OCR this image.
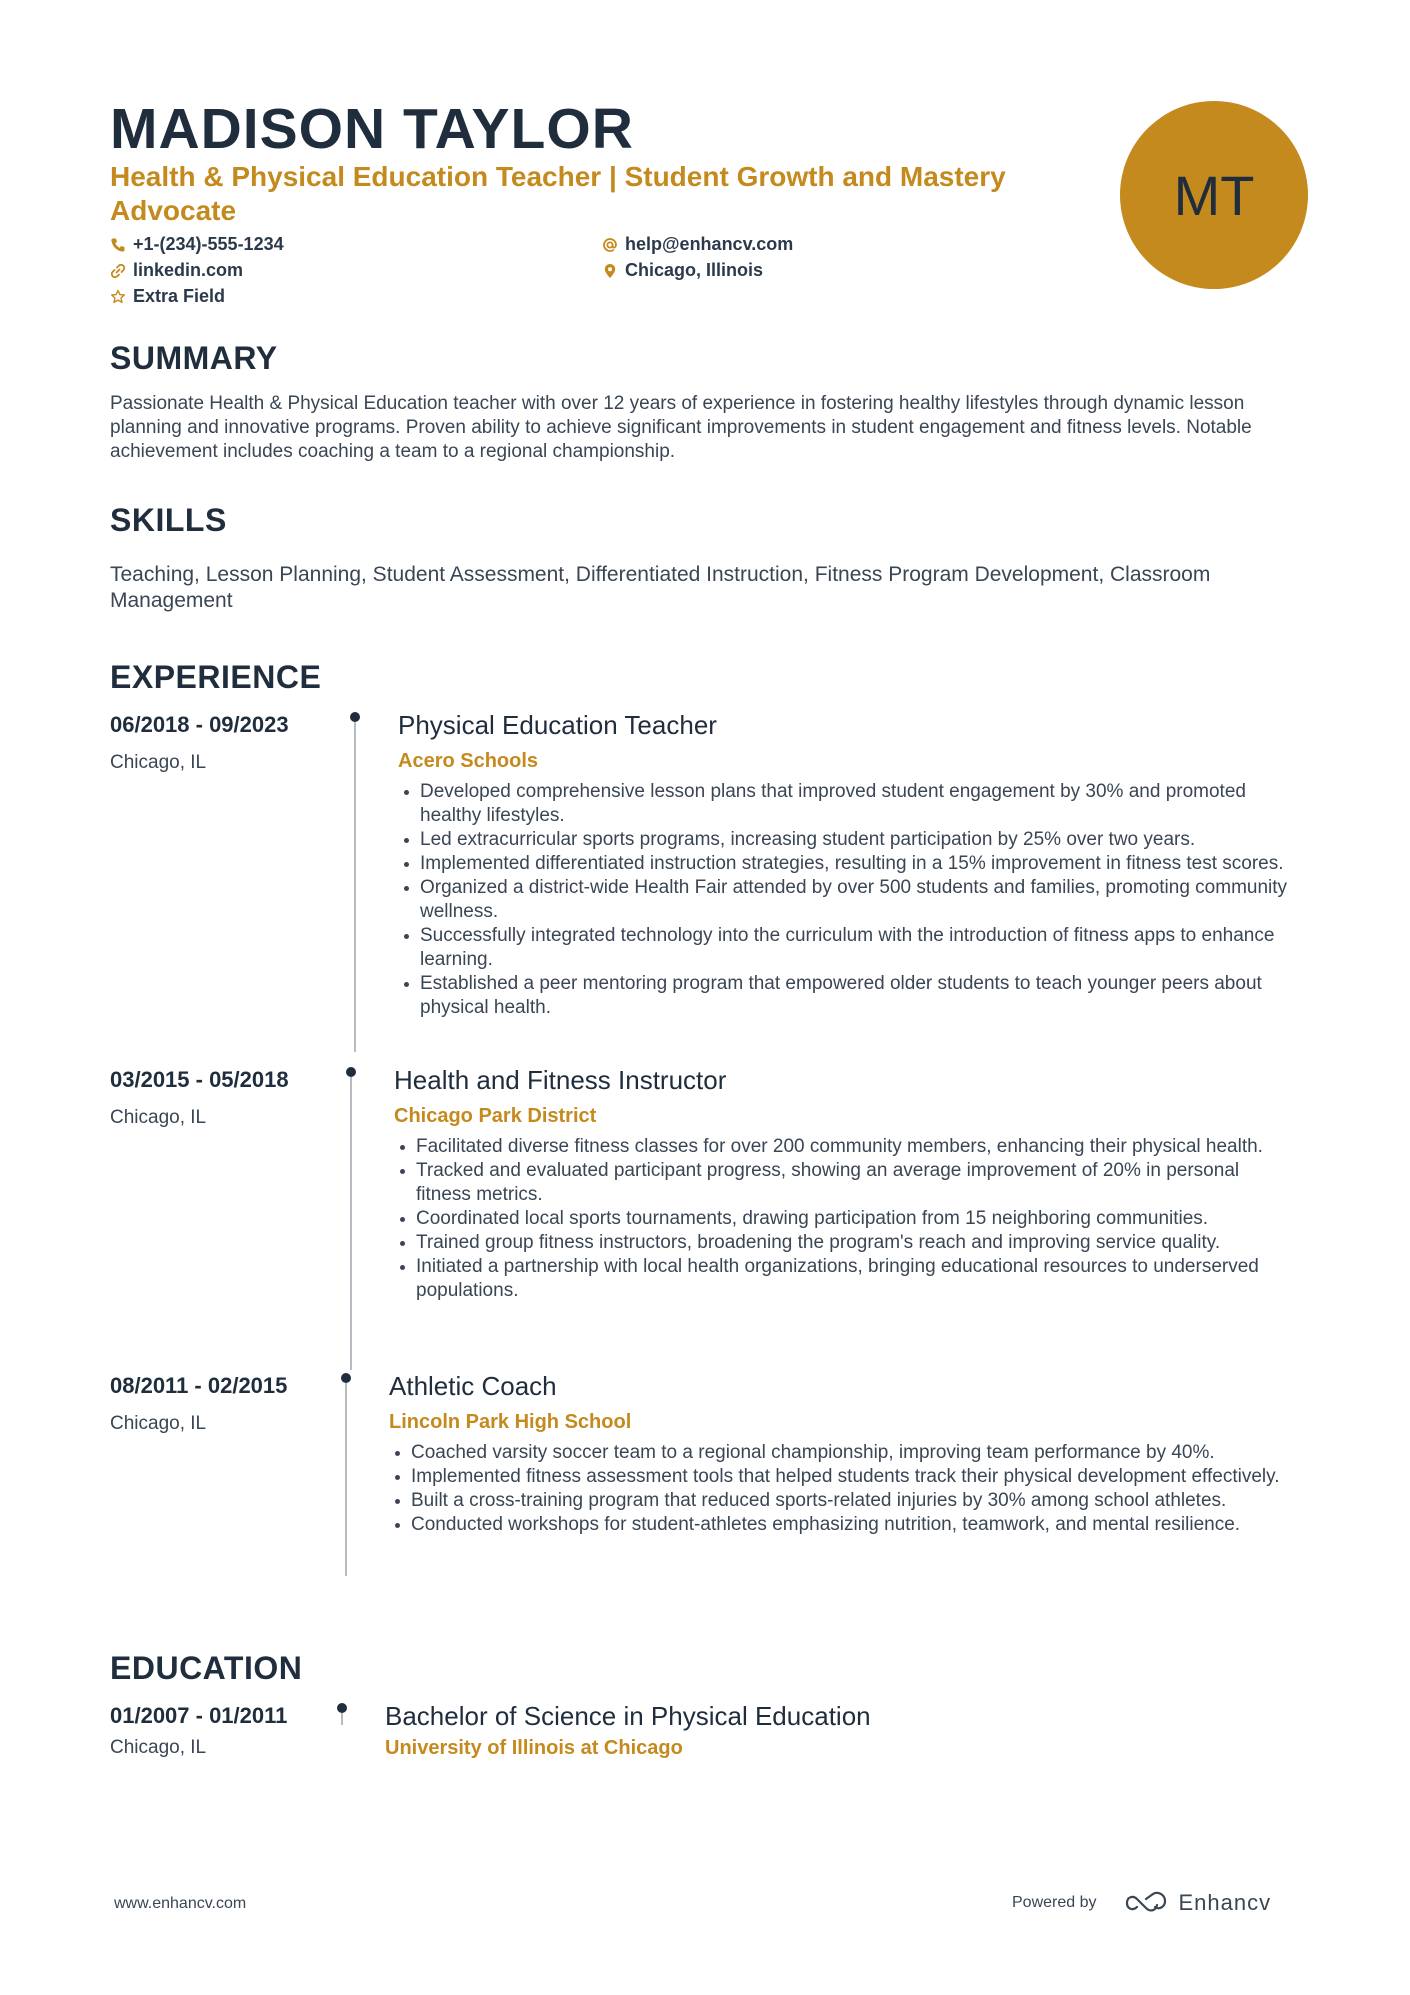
MADISON TAYLOR
Health & Physical Education Teacher | Student Growth and Mastery Advocate
+1-(234)-555-1234	help@enhancv.com
linkedin.com	Chicago, Illinois
Extra Field
MT
SUMMARY
Passionate Health & Physical Education teacher with over 12 years of experience in fostering healthy lifestyles through dynamic lesson planning and innovative programs. Proven ability to achieve significant improvements in student engagement and fitness levels. Notable achievement includes coaching a team to a regional championship.
SKILLS
Teaching, Lesson Planning, Student Assessment, Differentiated Instruction, Fitness Program Development, Classroom Management
EXPERIENCE
06/2018 - 09/2023
Chicago, IL
Physical Education Teacher
Acero Schools
Developed comprehensive lesson plans that improved student engagement by 30% and promoted healthy lifestyles.
Led extracurricular sports programs, increasing student participation by 25% over two years.
Implemented differentiated instruction strategies, resulting in a 15% improvement in fitness test scores.
Organized a district-wide Health Fair attended by over 500 students and families, promoting community wellness.
Successfully integrated technology into the curriculum with the introduction of fitness apps to enhance learning.
Established a peer mentoring program that empowered older students to teach younger peers about physical health.
03/2015 - 05/2018
Chicago, IL
Health and Fitness Instructor
Chicago Park District
Facilitated diverse fitness classes for over 200 community members, enhancing their physical health.
Tracked and evaluated participant progress, showing an average improvement of 20% in personal fitness metrics.
Coordinated local sports tournaments, drawing participation from 15 neighboring communities.
Trained group fitness instructors, broadening the program's reach and improving service quality.
Initiated a partnership with local health organizations, bringing educational resources to underserved populations.
08/2011 - 02/2015
Chicago, IL
Athletic Coach
Lincoln Park High School
Coached varsity soccer team to a regional championship, improving team performance by 40%.
Implemented fitness assessment tools that helped students track their physical development effectively.
Built a cross-training program that reduced sports-related injuries by 30% among school athletes.
Conducted workshops for student-athletes emphasizing nutrition, teamwork, and mental resilience.
EDUCATION
01/2007 - 01/2011
Chicago, IL
Bachelor of Science in Physical Education
University of Illinois at Chicago
www.enhancv.com	Powered by	Enhancv
